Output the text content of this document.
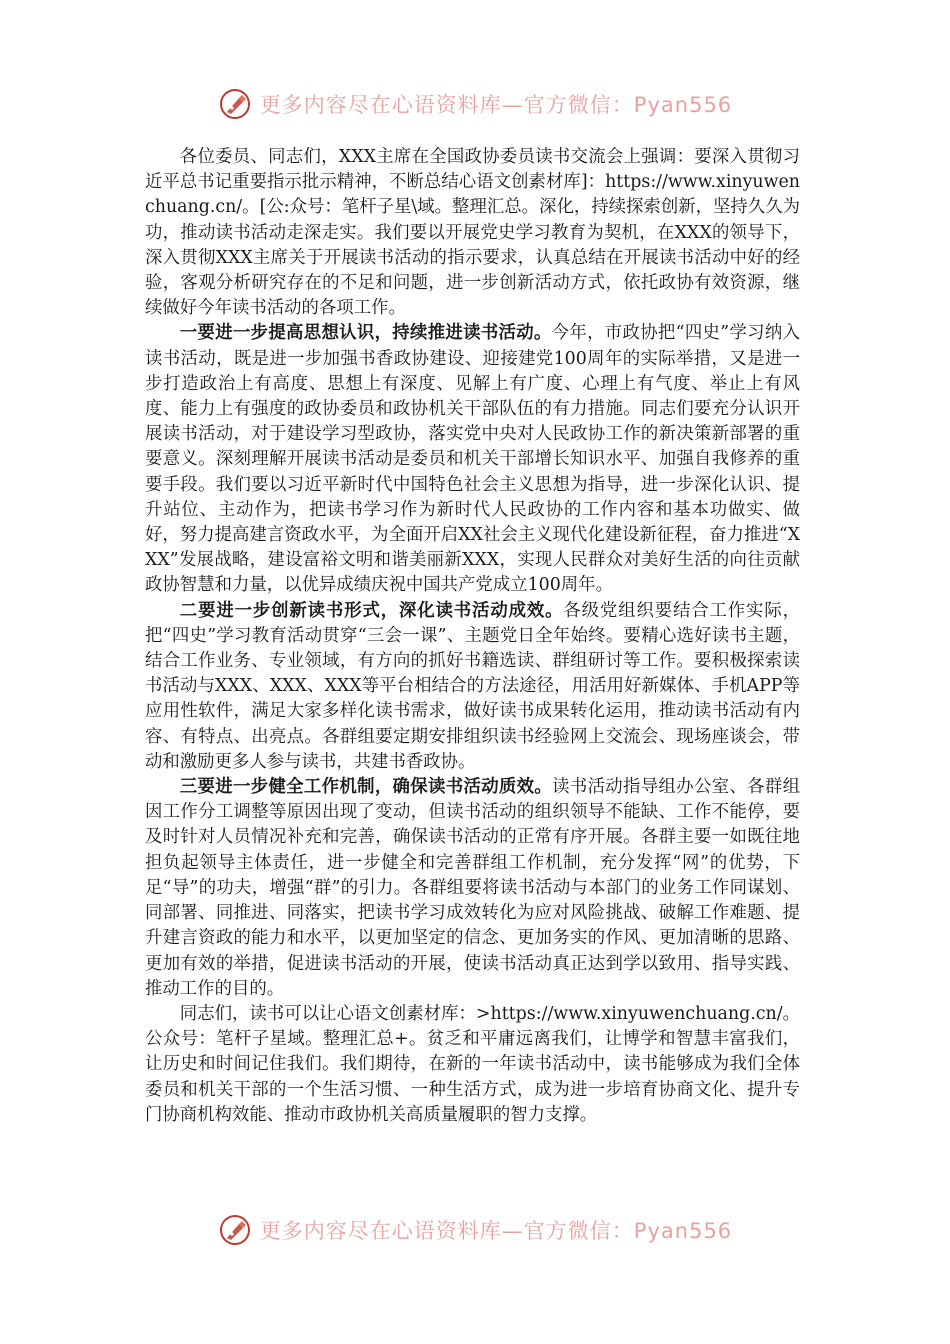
更多内容尽在心语资料库—官方微信：Pyan556

各位委员、同志们，XXX主席在全国政协委员读书交流会上强调：要深入贯彻习近平总书记重要指示批示精神，不断总结心语文创素材库]：https://www.xinyuwenchuang.cn/。[公:众号：笔杆子星\域。整理汇总。深化，持续探索创新，坚持久久为功，推动读书活动走深走实。我们要以开展党史学习教育为契机，在XXX的领导下，深入贯彻XXX主席关于开展读书活动的指示要求，认真总结在开展读书活动中好的经验，客观分析研究存在的不足和问题，进一步创新活动方式，依托政协有效资源，继续做好今年读书活动的各项工作。

一要进一步提高思想认识，持续推进读书活动。今年，市政协把“四史”学习纳入读书活动，既是进一步加强书香政协建设、迎接建党100周年的实际举措，又是进一步打造政治上有高度、思想上有深度、见解上有广度、心理上有气度、举止上有风度、能力上有强度的政协委员和政协机关干部队伍的有力措施。同志们要充分认识开展读书活动，对于建设学习型政协，落实党中央对人民政协工作的新决策新部署的重要意义。深刻理解开展读书活动是委员和机关干部增长知识水平、加强自我修养的重要手段。我们要以习近平新时代中国特色社会主义思想为指导，进一步深化认识、提升站位、主动作为，把读书学习作为新时代人民政协的工作内容和基本功做实、做好，努力提高建言资政水平，为全面开启XX社会主义现代化建设新征程，奋力推进“XXX”发展战略，建设富裕文明和谐美丽新XXX，实现人民群众对美好生活的向往贡献政协智慧和力量，以优异成绩庆祝中国共产党成立100周年。

二要进一步创新读书形式，深化读书活动成效。各级党组织要结合工作实际，把“四史”学习教育活动贯穿“三会一课”、主题党日全年始终。要精心选好读书主题，结合工作业务、专业领域，有方向的抓好书籍选读、群组研讨等工作。要积极探索读书活动与XXX、XXX、XXX等平台相结合的方法途径，用活用好新媒体、手机APP等应用性软件，满足大家多样化读书需求，做好读书成果转化运用，推动读书活动有内容、有特点、出亮点。各群组要定期安排组织读书经验网上交流会、现场座谈会，带动和激励更多人参与读书，共建书香政协。

三要进一步健全工作机制，确保读书活动质效。读书活动指导组办公室、各群组因工作分工调整等原因出现了变动，但读书活动的组织领导不能缺、工作不能停，要及时针对人员情况补充和完善，确保读书活动的正常有序开展。各群主要一如既往地担负起领导主体责任，进一步健全和完善群组工作机制，充分发挥“网”的优势，下足“导”的功夫，增强“群”的引力。各群组要将读书活动与本部门的业务工作同谋划、同部署、同推进、同落实，把读书学习成效转化为应对风险挑战、破解工作难题、提升建言资政的能力和水平，以更加坚定的信念、更加务实的作风、更加清晰的思路、更加有效的举措，促进读书活动的开展，使读书活动真正达到学以致用、指导实践、推动工作的目的。

同志们，读书可以让心语文创素材库：>https://www.xinyuwenchuang.cn/。公众号：笔杆子星域。整理汇总+。贫乏和平庸远离我们，让博学和智慧丰富我们，让历史和时间记住我们。我们期待，在新的一年读书活动中，读书能够成为我们全体委员和机关干部的一个生活习惯、一种生活方式，成为进一步培育协商文化、提升专门协商机构效能、推动市政协机关高质量履职的智力支撑。

更多内容尽在心语资料库—官方微信：Pyan556
